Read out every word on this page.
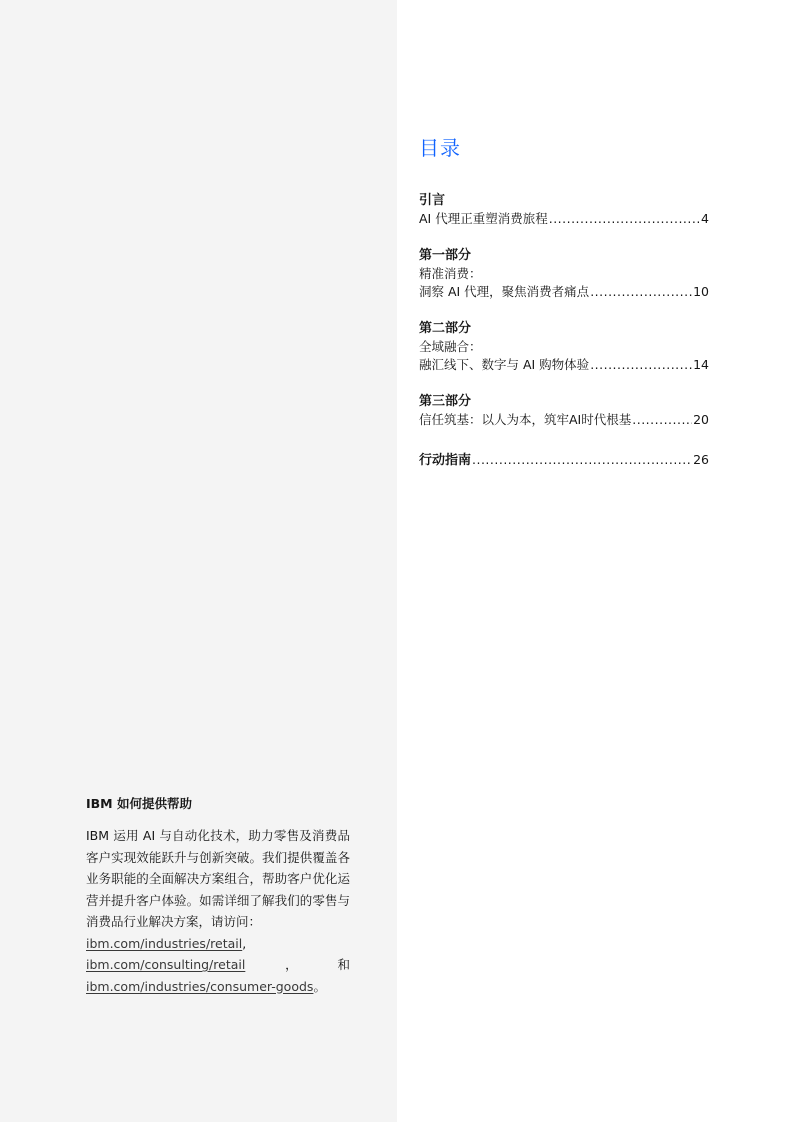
目录
引言
AI 代理正重塑消费旅程 .....	4
第一部分
精准消费：
洞察 AI 代理，聚焦消费者痛点 .....	10
第二部分
全域融合：
融汇线下、数字与 AI 购物体验 .....	14
第三部分
信任筑基：以人为本，筑牢AI时代根基 .....	20
行动指南 .....	26
IBM 如何提供帮助
IBM 运用 AI 与自动化技术，助力零售及消费品客户实现效能跃升与创新突破。我们提供覆盖各业务职能的全面解决方案组合，帮助客户优化运营并提升客户体验。如需详细了解我们的零售与消费品行业解决方案，请访问：
ibm.com/industries/retail, ibm.com/consulting/retail，和 ibm.com/industries/consumer-goods。
